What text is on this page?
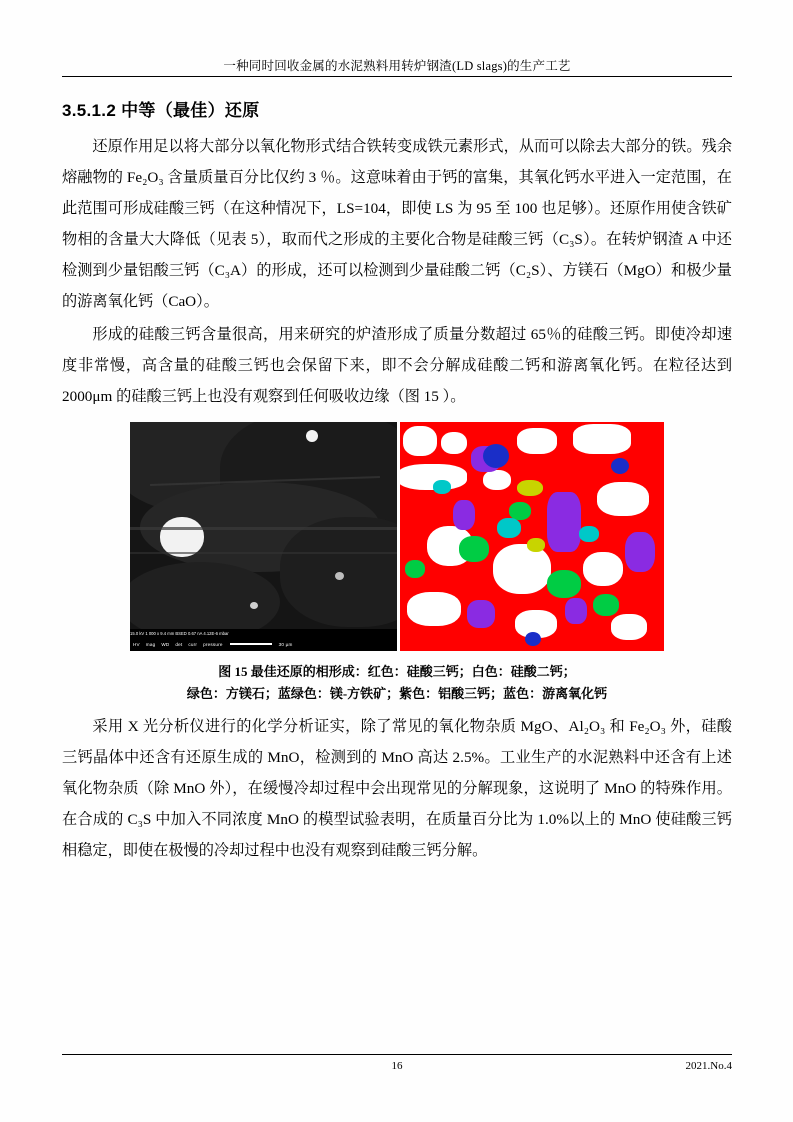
一种同时回收金属的水泥熟料用转炉钢渣(LD slags)的生产工艺
3.5.1.2 中等（最佳）还原

还原作用足以将大部分以氧化物形式结合铁转变成铁元素形式，从而可以除去大部分的铁。残余熔融物的 Fe₂O₃ 含量质量百分比仅约 3 ％。这意味着由于钙的富集，其氧化钙水平进入一定范围，在此范围可形成硅酸三钙（在这种情况下，LS=104，即使 LS 为 95 至 100 也足够）。还原作用使含铁矿物相的含量大大降低（见表 5），取而代之形成的主要化合物是硅酸三钙（C₃S）。在转炉钢渣 A 中还检测到少量铝酸三钙（C₃A）的形成，还可以检测到少量硅酸二钙（C₂S）、方镁石（MgO）和极少量的游离氧化钙（CaO）。

形成的硅酸三钙含量很高，用来研究的炉渣形成了质量分数超过 65％的硅酸三钙。即使冷却速度非常慢，高含量的硅酸三钙也会保留下来，即不会分解成硅酸二钙和游离氧化钙。在粒径达到 2000μm 的硅酸三钙上也没有观察到任何吸收边缘（图 15 ）。

15.0 kV 1 000 x 9.4 mm BSED 0.67 nA 4.12E-6 mbar
HV	mag	WD	det	curr	pressure	30 µm
图 15 最佳还原的相形成：红色：硅酸三钙；白色：硅酸二钙；
绿色：方镁石；蓝绿色：镁-方铁矿；紫色：铝酸三钙；蓝色：游离氧化钙

采用 X 光分析仪进行的化学分析证实，除了常见的氧化物杂质 MgO、Al₂O₃ 和 Fe₂O₃ 外，硅酸三钙晶体中还含有还原生成的 MnO，检测到的 MnO 高达 2.5%。工业生产的水泥熟料中还含有上述氧化物杂质（除 MnO 外），在缓慢冷却过程中会出现常见的分解现象，这说明了 MnO 的特殊作用。在合成的 C₃S 中加入不同浓度 MnO 的模型试验表明，在质量百分比为 1.0%以上的 MnO 使硅酸三钙相稳定，即使在极慢的冷却过程中也没有观察到硅酸三钙分解。

16	2021.No.4
